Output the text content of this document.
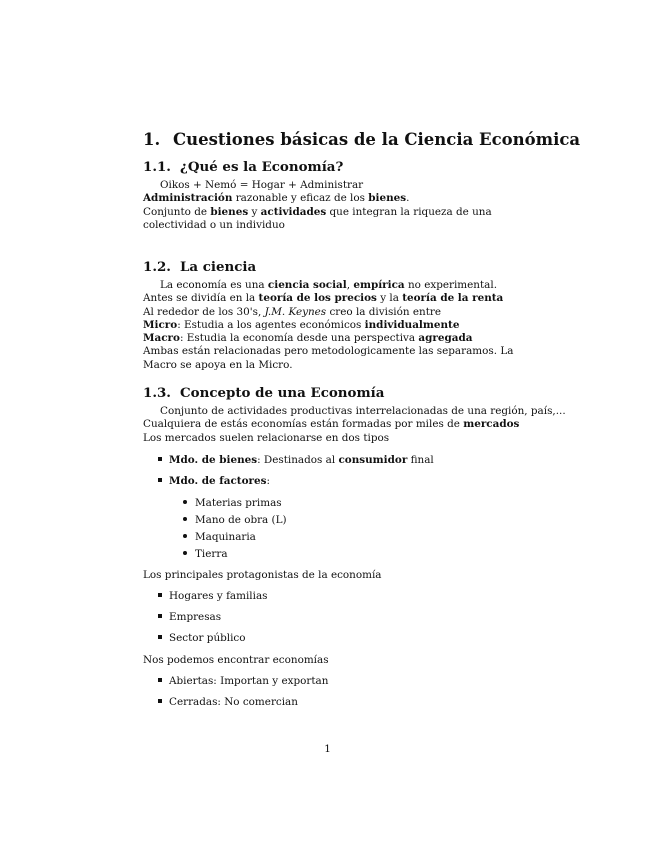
1. Cuestiones básicas de la Ciencia Económica
1.1. ¿Qué es la Economía?
Oikos + Nemó = Hogar + Administrar
Administración razonable y eficaz de los bienes.
Conjunto de bienes y actividades que integran la riqueza de una colectividad o un individuo
1.2. La ciencia
La economía es una ciencia social, empírica no experimental.
Antes se dividía en la teoría de los precios y la teoría de la renta
Al rededor de los 30's, J.M. Keynes creo la división entre
Micro: Estudia a los agentes económicos individualmente
Macro: Estudia la economía desde una perspectiva agregada
Ambas están relacionadas pero metodologicamente las separamos. La Macro se apoya en la Micro.
1.3. Concepto de una Economía
Conjunto de actividades productivas interrelacionadas de una región, país,...
Cualquiera de estás economías están formadas por miles de mercados
Los mercados suelen relacionarse en dos tipos
Mdo. de bienes: Destinados al consumidor final
Mdo. de factores:
Materias primas
Mano de obra (L)
Maquinaria
Tierra
Los principales protagonistas de la economía
Hogares y familias
Empresas
Sector público
Nos podemos encontrar economías
Abiertas: Importan y exportan
Cerradas: No comercian
1
